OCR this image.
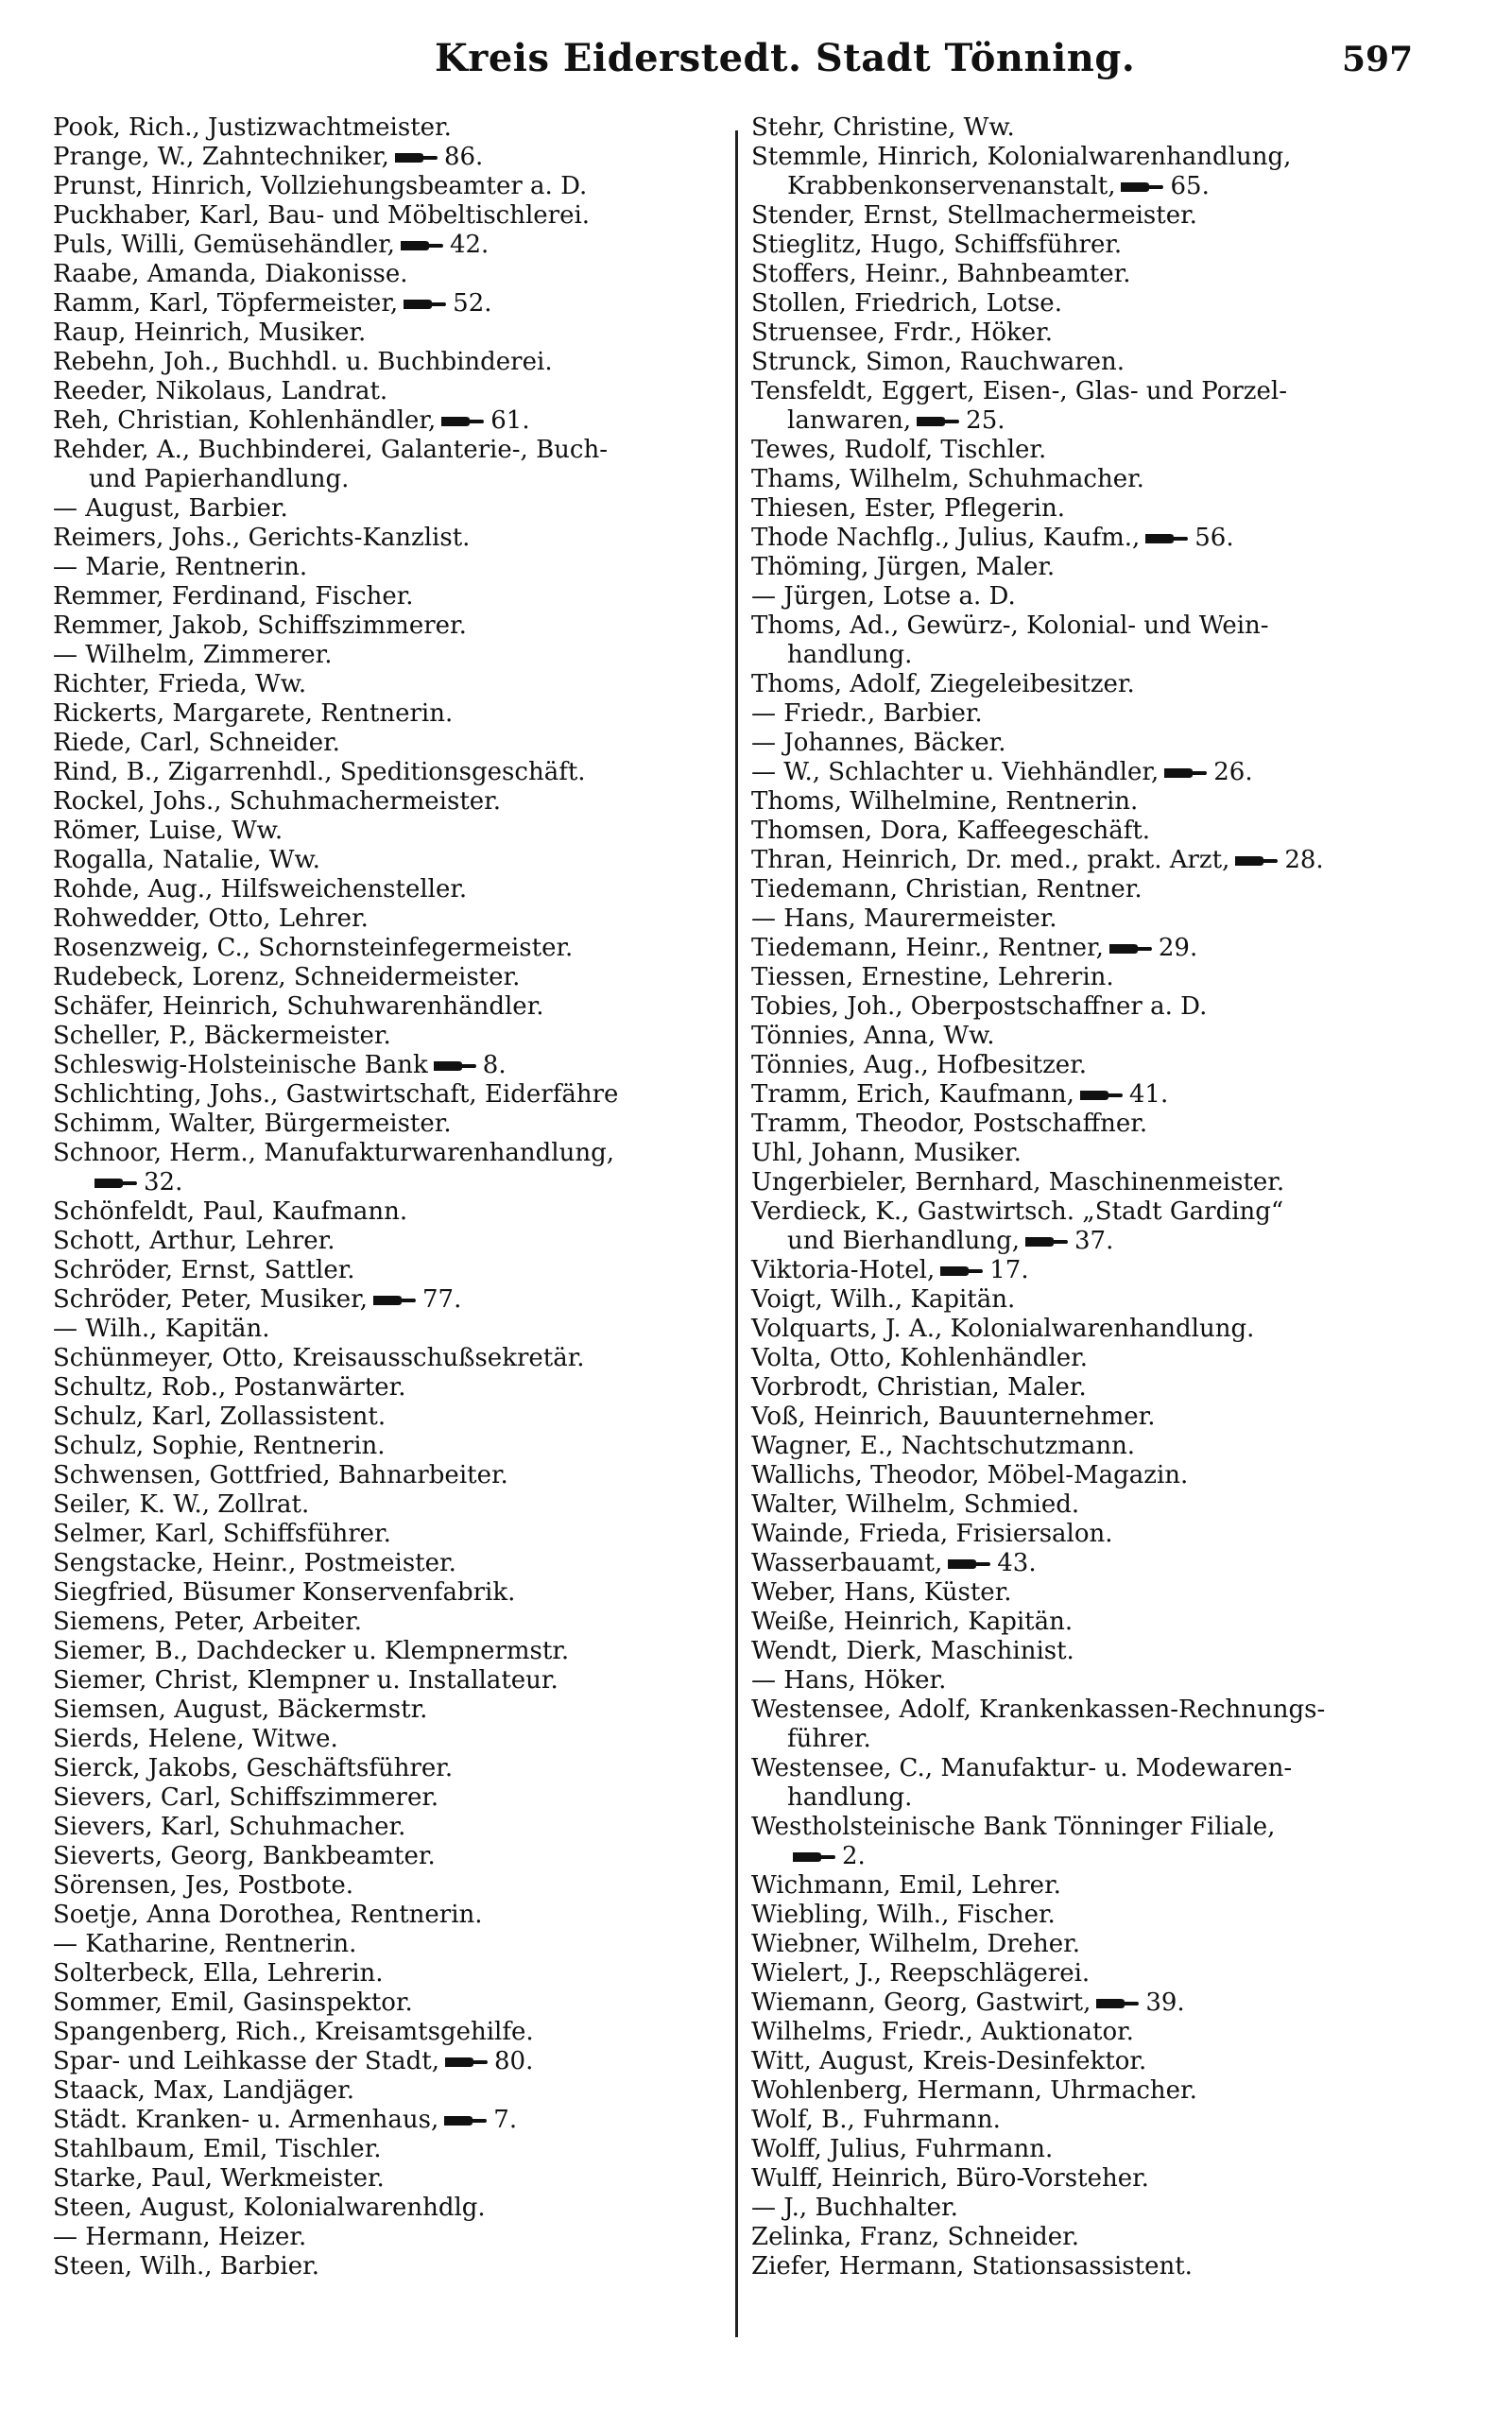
Kreis Eiderstedt. Stadt Tönning.	597
Pook, Rich., Justizwachtmeister.
Prange, W., Zahntechniker, 86.
Prunst, Hinrich, Vollziehungsbeamter a. D.
Puckhaber, Karl, Bau- und Möbeltischlerei.
Puls, Willi, Gemüsehändler, 42.
Raabe, Amanda, Diakonisse.
Ramm, Karl, Töpfermeister, 52.
Raup, Heinrich, Musiker.
Rebehn, Joh., Buchhdl. u. Buchbinderei.
Reeder, Nikolaus, Landrat.
Reh, Christian, Kohlenhändler, 61.
Rehder, A., Buchbinderei, Galanterie-, Buch-
und Papierhandlung.
— August, Barbier.
Reimers, Johs., Gerichts-Kanzlist.
— Marie, Rentnerin.
Remmer, Ferdinand, Fischer.
Remmer, Jakob, Schiffszimmerer.
— Wilhelm, Zimmerer.
Richter, Frieda, Ww.
Rickerts, Margarete, Rentnerin.
Riede, Carl, Schneider.
Rind, B., Zigarrenhdl., Speditionsgeschäft.
Rockel, Johs., Schuhmachermeister.
Römer, Luise, Ww.
Rogalla, Natalie, Ww.
Rohde, Aug., Hilfsweichensteller.
Rohwedder, Otto, Lehrer.
Rosenzweig, C., Schornsteinfegermeister.
Rudebeck, Lorenz, Schneidermeister.
Schäfer, Heinrich, Schuhwarenhändler.
Scheller, P., Bäckermeister.
Schleswig-Holsteinische Bank 8.
Schlichting, Johs., Gastwirtschaft, Eiderfähre
Schimm, Walter, Bürgermeister.
Schnoor, Herm., Manufakturwarenhandlung,
32.
Schönfeldt, Paul, Kaufmann.
Schott, Arthur, Lehrer.
Schröder, Ernst, Sattler.
Schröder, Peter, Musiker, 77.
— Wilh., Kapitän.
Schünmeyer, Otto, Kreisausschußsekretär.
Schultz, Rob., Postanwärter.
Schulz, Karl, Zollassistent.
Schulz, Sophie, Rentnerin.
Schwensen, Gottfried, Bahnarbeiter.
Seiler, K. W., Zollrat.
Selmer, Karl, Schiffsführer.
Sengstacke, Heinr., Postmeister.
Siegfried, Büsumer Konservenfabrik.
Siemens, Peter, Arbeiter.
Siemer, B., Dachdecker u. Klempnermstr.
Siemer, Christ, Klempner u. Installateur.
Siemsen, August, Bäckermstr.
Sierds, Helene, Witwe.
Sierck, Jakobs, Geschäftsführer.
Sievers, Carl, Schiffszimmerer.
Sievers, Karl, Schuhmacher.
Sieverts, Georg, Bankbeamter.
Sörensen, Jes, Postbote.
Soetje, Anna Dorothea, Rentnerin.
— Katharine, Rentnerin.
Solterbeck, Ella, Lehrerin.
Sommer, Emil, Gasinspektor.
Spangenberg, Rich., Kreisamtsgehilfe.
Spar- und Leihkasse der Stadt, 80.
Staack, Max, Landjäger.
Städt. Kranken- u. Armenhaus, 7.
Stahlbaum, Emil, Tischler.
Starke, Paul, Werkmeister.
Steen, August, Kolonialwarenhdlg.
— Hermann, Heizer.
Steen, Wilh., Barbier.
Stehr, Christine, Ww.
Stemmle, Hinrich, Kolonialwarenhandlung,
Krabbenkonservenanstalt, 65.
Stender, Ernst, Stellmachermeister.
Stieglitz, Hugo, Schiffsführer.
Stoffers, Heinr., Bahnbeamter.
Stollen, Friedrich, Lotse.
Struensee, Frdr., Höker.
Strunck, Simon, Rauchwaren.
Tensfeldt, Eggert, Eisen-, Glas- und Porzel-
lanwaren, 25.
Tewes, Rudolf, Tischler.
Thams, Wilhelm, Schuhmacher.
Thiesen, Ester, Pflegerin.
Thode Nachflg., Julius, Kaufm., 56.
Thöming, Jürgen, Maler.
— Jürgen, Lotse a. D.
Thoms, Ad., Gewürz-, Kolonial- und Wein-
handlung.
Thoms, Adolf, Ziegeleibesitzer.
— Friedr., Barbier.
— Johannes, Bäcker.
— W., Schlachter u. Viehhändler, 26.
Thoms, Wilhelmine, Rentnerin.
Thomsen, Dora, Kaffeegeschäft.
Thran, Heinrich, Dr. med., prakt. Arzt, 28.
Tiedemann, Christian, Rentner.
— Hans, Maurermeister.
Tiedemann, Heinr., Rentner, 29.
Tiessen, Ernestine, Lehrerin.
Tobies, Joh., Oberpostschaffner a. D.
Tönnies, Anna, Ww.
Tönnies, Aug., Hofbesitzer.
Tramm, Erich, Kaufmann, 41.
Tramm, Theodor, Postschaffner.
Uhl, Johann, Musiker.
Ungerbieler, Bernhard, Maschinenmeister.
Verdieck, K., Gastwirtsch. „Stadt Garding“
und Bierhandlung, 37.
Viktoria-Hotel, 17.
Voigt, Wilh., Kapitän.
Volquarts, J. A., Kolonialwarenhandlung.
Volta, Otto, Kohlenhändler.
Vorbrodt, Christian, Maler.
Voß, Heinrich, Bauunternehmer.
Wagner, E., Nachtschutzmann.
Wallichs, Theodor, Möbel-Magazin.
Walter, Wilhelm, Schmied.
Wainde, Frieda, Frisiersalon.
Wasserbauamt, 43.
Weber, Hans, Küster.
Weiße, Heinrich, Kapitän.
Wendt, Dierk, Maschinist.
— Hans, Höker.
Westensee, Adolf, Krankenkassen-Rechnungs-
führer.
Westensee, C., Manufaktur- u. Modewaren-
handlung.
Westholsteinische Bank Tönninger Filiale,
2.
Wichmann, Emil, Lehrer.
Wiebling, Wilh., Fischer.
Wiebner, Wilhelm, Dreher.
Wielert, J., Reepschlägerei.
Wiemann, Georg, Gastwirt, 39.
Wilhelms, Friedr., Auktionator.
Witt, August, Kreis-Desinfektor.
Wohlenberg, Hermann, Uhrmacher.
Wolf, B., Fuhrmann.
Wolff, Julius, Fuhrmann.
Wulff, Heinrich, Büro-Vorsteher.
— J., Buchhalter.
Zelinka, Franz, Schneider.
Ziefer, Hermann, Stationsassistent.
